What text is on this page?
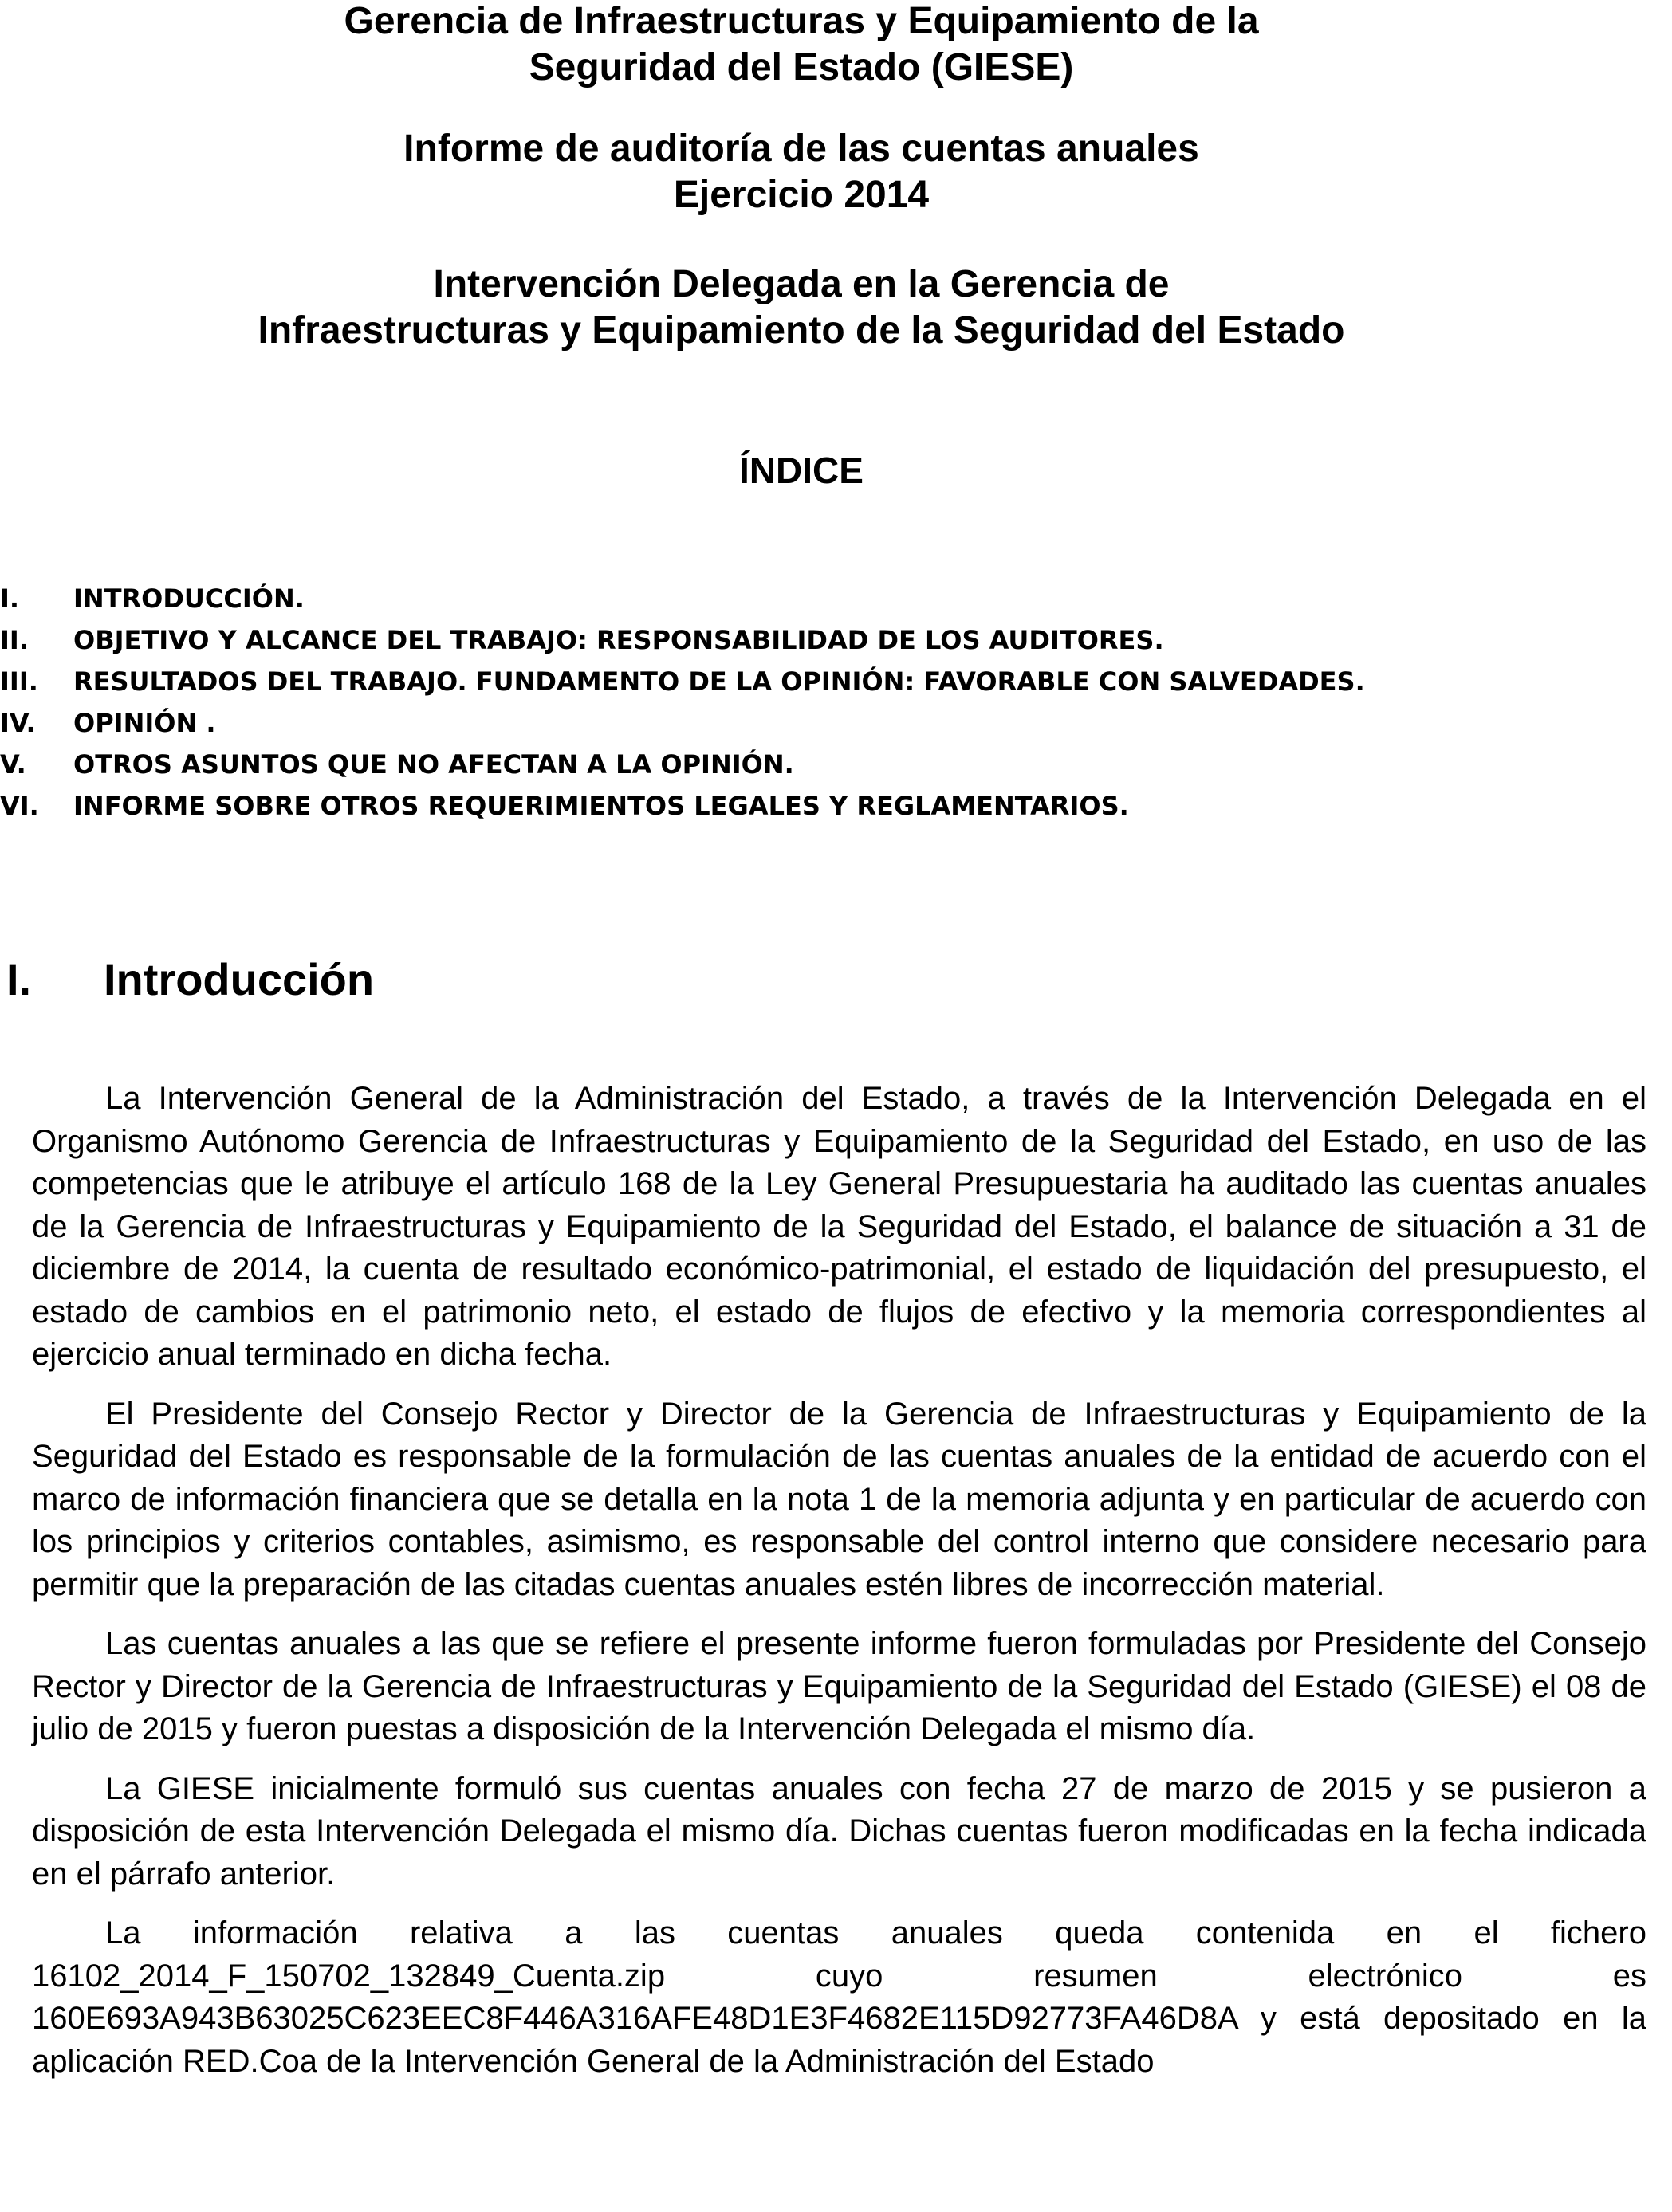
Gerencia de Infraestructuras y Equipamiento de la
Seguridad del Estado (GIESE)
Informe de auditoría de las cuentas anuales
Ejercicio 2014
Intervención Delegada en la Gerencia de
Infraestructuras y Equipamiento de la Seguridad del Estado
ÍNDICE
I. INTRODUCCIÓN.
II. OBJETIVO Y ALCANCE DEL TRABAJO: RESPONSABILIDAD DE LOS AUDITORES.
III. RESULTADOS DEL TRABAJO. FUNDAMENTO DE LA OPINIÓN: FAVORABLE CON SALVEDADES.
IV. OPINIÓN .
V. OTROS ASUNTOS QUE NO AFECTAN A LA OPINIÓN.
VI. INFORME SOBRE OTROS REQUERIMIENTOS LEGALES Y REGLAMENTARIOS.
I. Introducción

La Intervención General de la Administración del Estado, a través de la Intervención Delegada en el Organismo Autónomo Gerencia de Infraestructuras y Equipamiento de la Seguridad del Estado, en uso de las competencias que le atribuye el artículo 168 de la Ley General Presupuestaria ha auditado las cuentas anuales de la Gerencia de Infraestructuras y Equipamiento de la Seguridad del Estado, el balance de situación a 31 de diciembre de 2014, la cuenta de resultado económico-patrimonial, el estado de liquidación del presupuesto, el estado de cambios en el patrimonio neto, el estado de flujos de efectivo y la memoria correspondientes al ejercicio anual terminado en dicha fecha.

El Presidente del Consejo Rector y Director de la Gerencia de Infraestructuras y Equipamiento de la Seguridad del Estado es responsable de la formulación de las cuentas anuales de la entidad de acuerdo con el marco de información financiera que se detalla en la nota 1 de la memoria adjunta y en particular de acuerdo con los principios y criterios contables, asimismo, es responsable del control interno que considere necesario para permitir que la preparación de las citadas cuentas anuales estén libres de incorrección material.

Las cuentas anuales a las que se refiere el presente informe fueron formuladas por Presidente del Consejo Rector y Director de la Gerencia de Infraestructuras y Equipamiento de la Seguridad del Estado (GIESE) el 08 de julio de 2015 y fueron puestas a disposición de la Intervención Delegada el mismo día.

La GIESE inicialmente formuló sus cuentas anuales con fecha 27 de marzo de 2015 y se pusieron a disposición de esta Intervención Delegada el mismo día. Dichas cuentas fueron modificadas en la fecha indicada en el párrafo anterior.

La información relativa a las cuentas anuales queda contenida en el fichero 16102_2014_F_150702_132849_Cuenta.zip cuyo resumen electrónico es 160E693A943B63025C623EEC8F446A316AFE48D1E3F4682E115D92773FA46D8A y está depositado en la aplicación RED.Coa de la Intervención General de la Administración del Estado
